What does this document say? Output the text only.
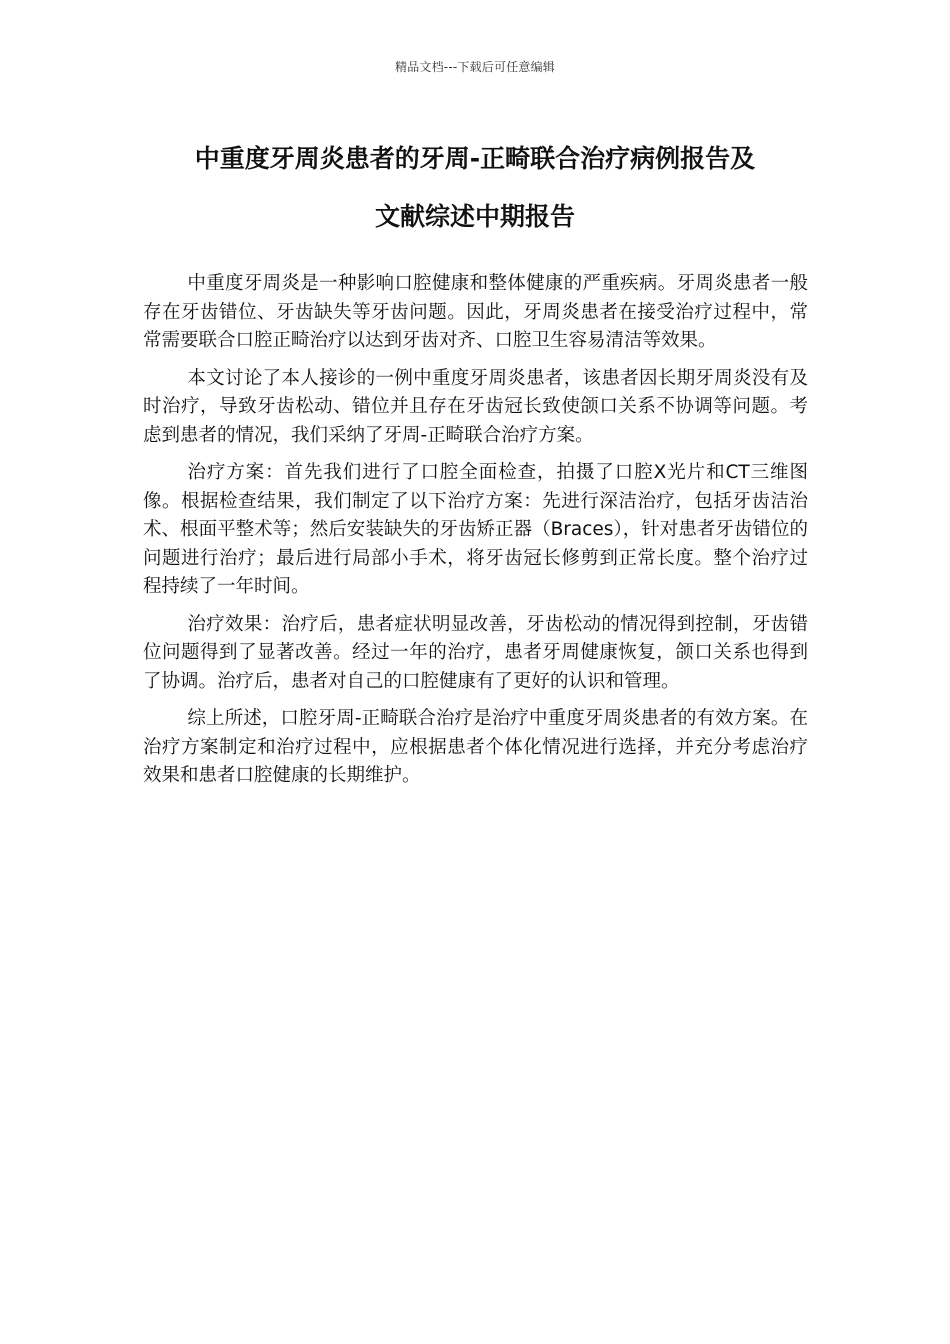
精品文档---下载后可任意编辑
中重度牙周炎患者的牙周-正畸联合治疗病例报告及
文献综述中期报告

中重度牙周炎是一种影响口腔健康和整体健康的严重疾病。牙周炎患者一般存在牙齿错位、牙齿缺失等牙齿问题。因此，牙周炎患者在接受治疗过程中，常常需要联合口腔正畸治疗以达到牙齿对齐、口腔卫生容易清洁等效果。

本文讨论了本人接诊的一例中重度牙周炎患者，该患者因长期牙周炎没有及时治疗，导致牙齿松动、错位并且存在牙齿冠长致使颌口关系不协调等问题。考虑到患者的情况，我们采纳了牙周-正畸联合治疗方案。

治疗方案：首先我们进行了口腔全面检查，拍摄了口腔X光片和CT三维图像。根据检查结果，我们制定了以下治疗方案：先进行深洁治疗，包括牙齿洁治术、根面平整术等；然后安装缺失的牙齿矫正器（Braces），针对患者牙齿错位的问题进行治疗；最后进行局部小手术，将牙齿冠长修剪到正常长度。整个治疗过程持续了一年时间。

治疗效果：治疗后，患者症状明显改善，牙齿松动的情况得到控制，牙齿错位问题得到了显著改善。经过一年的治疗，患者牙周健康恢复，颌口关系也得到了协调。治疗后，患者对自己的口腔健康有了更好的认识和管理。

综上所述，口腔牙周-正畸联合治疗是治疗中重度牙周炎患者的有效方案。在治疗方案制定和治疗过程中，应根据患者个体化情况进行选择，并充分考虑治疗效果和患者口腔健康的长期维护。
